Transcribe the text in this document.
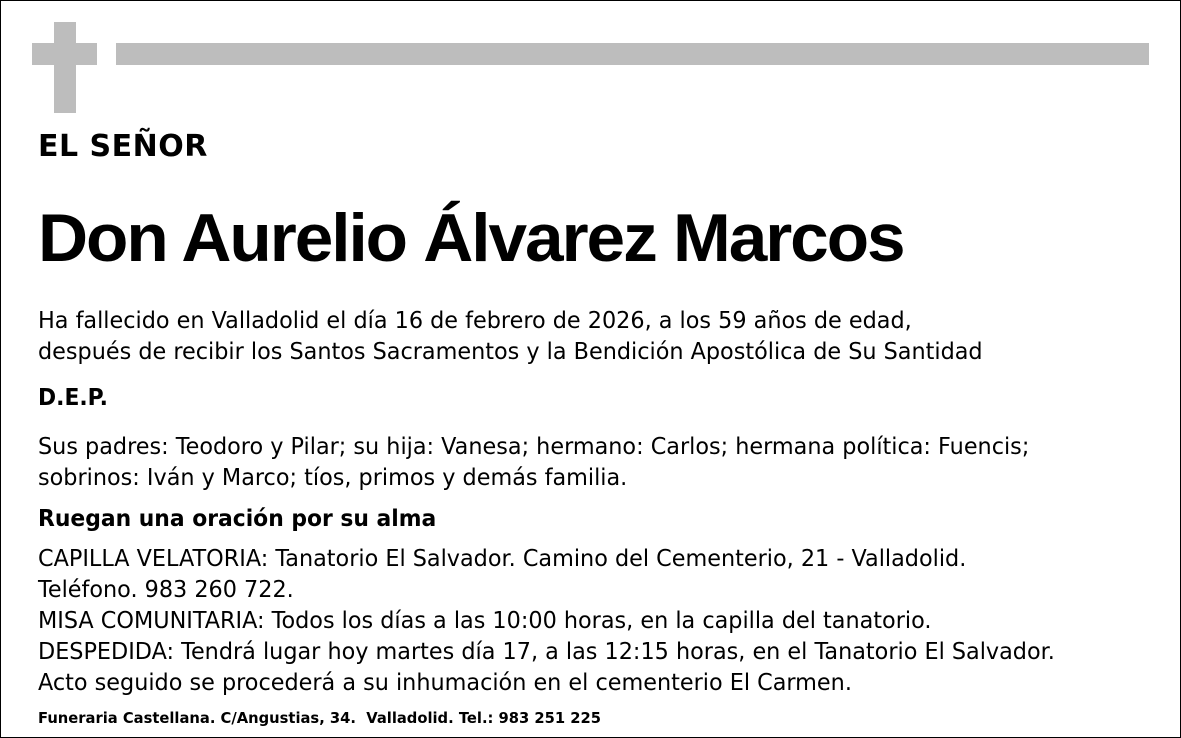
EL SEÑOR
Don Aurelio Álvarez Marcos
Ha fallecido en Valladolid el día 16 de febrero de 2026, a los 59 años de edad,
después de recibir los Santos Sacramentos y la Bendición Apostólica de Su Santidad
D.E.P.
Sus padres: Teodoro y Pilar; su hija: Vanesa; hermano: Carlos; hermana política: Fuencis;
sobrinos: Iván y Marco; tíos, primos y demás familia.
Ruegan una oración por su alma
CAPILLA VELATORIA: Tanatorio El Salvador. Camino del Cementerio, 21 - Valladolid.
Teléfono. 983 260 722.
MISA COMUNITARIA: Todos los días a las 10:00 horas, en la capilla del tanatorio.
DESPEDIDA: Tendrá lugar hoy martes día 17, a las 12:15 horas, en el Tanatorio El Salvador.
Acto seguido se procederá a su inhumación en el cementerio El Carmen.
Funeraria Castellana. C/Angustias, 34.  Valladolid. Tel.: 983 251 225
